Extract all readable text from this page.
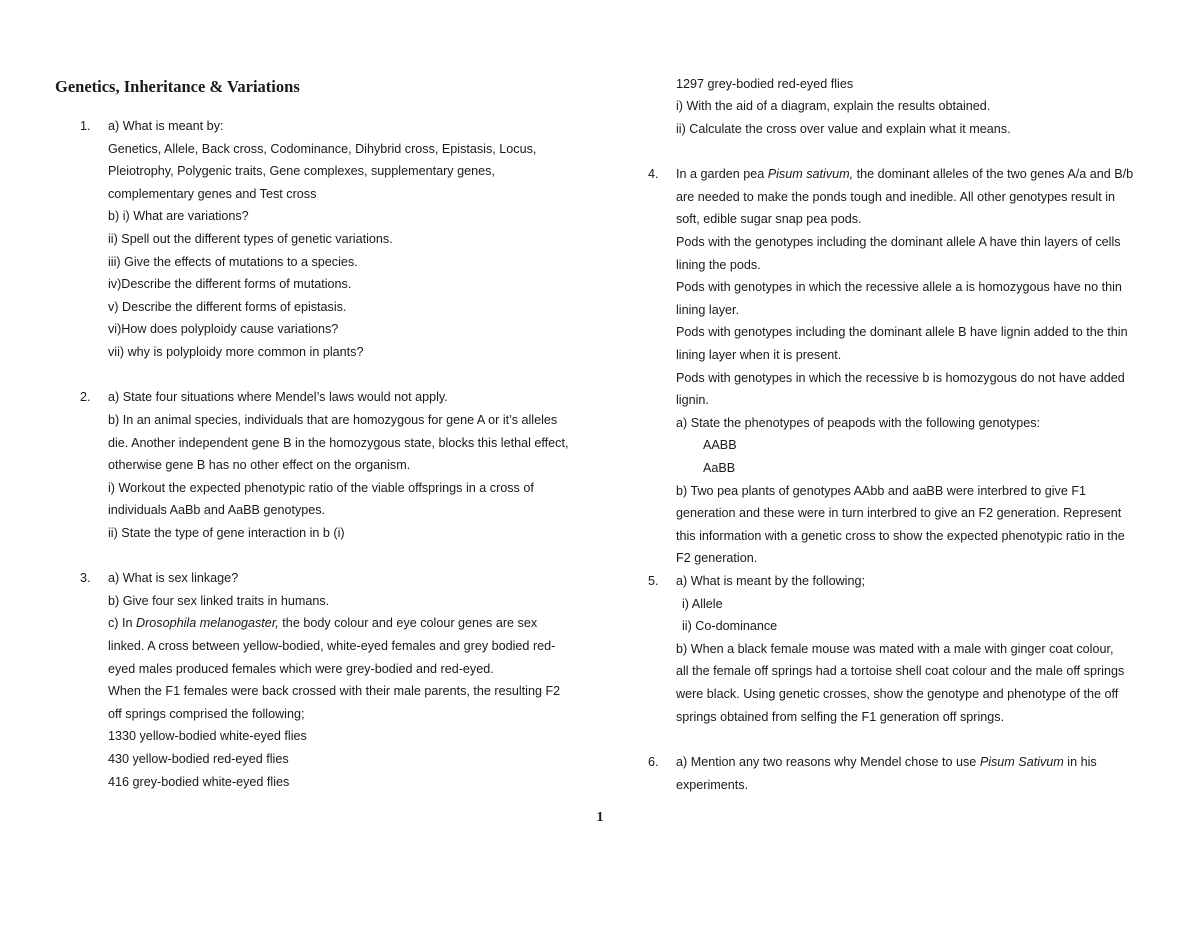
Genetics, Inheritance & Variations
1. a) What is meant by:
Genetics, Allele, Back cross, Codominance, Dihybrid cross, Epistasis, Locus,
Pleiotrophy, Polygenic traits, Gene complexes, supplementary genes,
complementary genes and Test cross
b) i) What are variations?
ii) Spell out the different types of genetic variations.
iii) Give the effects of mutations to a species.
iv)Describe the different forms of mutations.
v) Describe the different forms of epistasis.
vi)How does polyploidy cause variations?
vii) why is polyploidy more common in plants?
2. a) State four situations where Mendel’s laws would not apply.
b) In an animal species, individuals that are homozygous for gene A or it’s alleles
die. Another independent gene B in the homozygous state, blocks this lethal effect,
otherwise gene B has no other effect on the organism.
i) Workout the expected phenotypic ratio of the viable offsprings in a cross of
individuals AaBb and AaBB genotypes.
ii) State the type of gene interaction in b (i)
3. a) What is sex linkage?
b) Give four sex linked traits in humans.
c) In Drosophila melanogaster, the body colour and eye colour genes are sex
linked. A cross between yellow-bodied, white-eyed females and grey bodied red-
eyed males produced females which were grey-bodied and red-eyed.
When the F1 females were back crossed with their male parents, the resulting F2
off springs comprised the following;
1330 yellow-bodied white-eyed flies
430 yellow-bodied red-eyed flies
416 grey-bodied white-eyed flies
1297 grey-bodied red-eyed flies
i) With the aid of a diagram, explain the results obtained.
ii) Calculate the cross over value and explain what it means.
4. In a garden pea Pisum sativum, the dominant alleles of the two genes A/a and B/b
are needed to make the ponds tough and inedible. All other genotypes result in
soft, edible sugar snap pea pods.
Pods with the genotypes including the dominant allele A have thin layers of cells
lining the pods.
Pods with genotypes in which the recessive allele a is homozygous have no thin
lining layer.
Pods with genotypes including the dominant allele B have lignin added to the thin
lining layer when it is present.
Pods with genotypes in which the recessive b is homozygous do not have added
lignin.
a) State the phenotypes of peapods with the following genotypes:
AABB
AaBB
b) Two pea plants of genotypes AAbb and aaBB were interbred to give F1
generation and these were in turn interbred to give an F2 generation. Represent
this information with a genetic cross to show the expected phenotypic ratio in the
F2 generation.
5. a) What is meant by the following;
i) Allele
ii) Co-dominance
b) When a black female mouse was mated with a male with ginger coat colour,
all the female off springs had a tortoise shell coat colour and the male off springs
were black. Using genetic crosses, show the genotype and phenotype of the off
springs obtained from selfing the F1 generation off springs.
6. a) Mention any two reasons why Mendel chose to use Pisum Sativum in his
experiments.
1
